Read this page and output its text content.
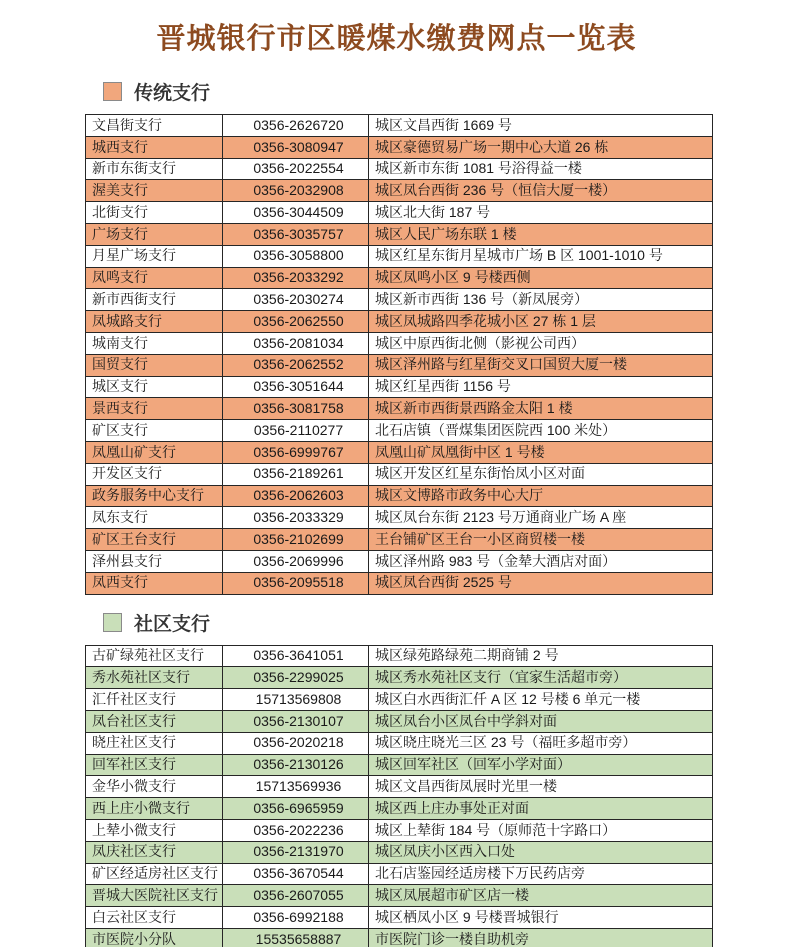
晋城银行市区暖煤水缴费网点一览表
传统支行
文昌街支行	0356-2626720	城区文昌西街 1669 号
城西支行	0356-3080947	城区豪德贸易广场一期中心大道 26 栋
新市东街支行	0356-2022554	城区新市东街 1081 号浴得益一楼
渥美支行	0356-2032908	城区凤台西街 236 号（恒信大厦一楼）
北街支行	0356-3044509	城区北大街 187 号
广场支行	0356-3035757	城区人民广场东联 1 楼
月星广场支行	0356-3058800	城区红星东街月星城市广场 B 区 1001-1010 号
凤鸣支行	0356-2033292	城区凤鸣小区 9 号楼西侧
新市西街支行	0356-2030274	城区新市西街 136 号（新凤展旁）
凤城路支行	0356-2062550	城区凤城路四季花城小区 27 栋 1 层
城南支行	0356-2081034	城区中原西街北侧（影视公司西）
国贸支行	0356-2062552	城区泽州路与红星街交叉口国贸大厦一楼
城区支行	0356-3051644	城区红星西街 1156 号
景西支行	0356-3081758	城区新市西街景西路金太阳 1 楼
矿区支行	0356-2110277	北石店镇（晋煤集团医院西 100 米处）
凤凰山矿支行	0356-6999767	凤凰山矿凤凰街中区 1 号楼
开发区支行	0356-2189261	城区开发区红星东街怡凤小区对面
政务服务中心支行	0356-2062603	城区文博路市政务中心大厅
凤东支行	0356-2033329	城区凤台东街 2123 号万通商业广场 A 座
矿区王台支行	0356-2102699	王台铺矿区王台一小区商贸楼一楼
泽州县支行	0356-2069996	城区泽州路 983 号（金辇大酒店对面）
凤西支行	0356-2095518	城区凤台西街 2525 号
社区支行
古矿绿苑社区支行	0356-3641051	城区绿苑路绿苑二期商铺 2 号
秀水苑社区支行	0356-2299025	城区秀水苑社区支行（宜家生活超市旁）
汇仟社区支行	15713569808	城区白水西街汇仟 A 区 12 号楼 6 单元一楼
凤台社区支行	0356-2130107	城区凤台小区凤台中学斜对面
晓庄社区支行	0356-2020218	城区晓庄晓光三区 23 号（福旺多超市旁）
回军社区支行	0356-2130126	城区回军社区（回军小学对面）
金华小微支行	15713569936	城区文昌西街凤展时光里一楼
西上庄小微支行	0356-6965959	城区西上庄办事处正对面
上辇小微支行	0356-2022236	城区上辇街 184 号（原师范十字路口）
凤庆社区支行	0356-2131970	城区凤庆小区西入口处
矿区经适房社区支行	0356-3670544	北石店鉴园经适房楼下万民药店旁
晋城大医院社区支行	0356-2607055	城区凤展超市矿区店一楼
白云社区支行	0356-6992188	城区栖凤小区 9 号楼晋城银行
市医院小分队	15535658887	市医院门诊一楼自助机旁
